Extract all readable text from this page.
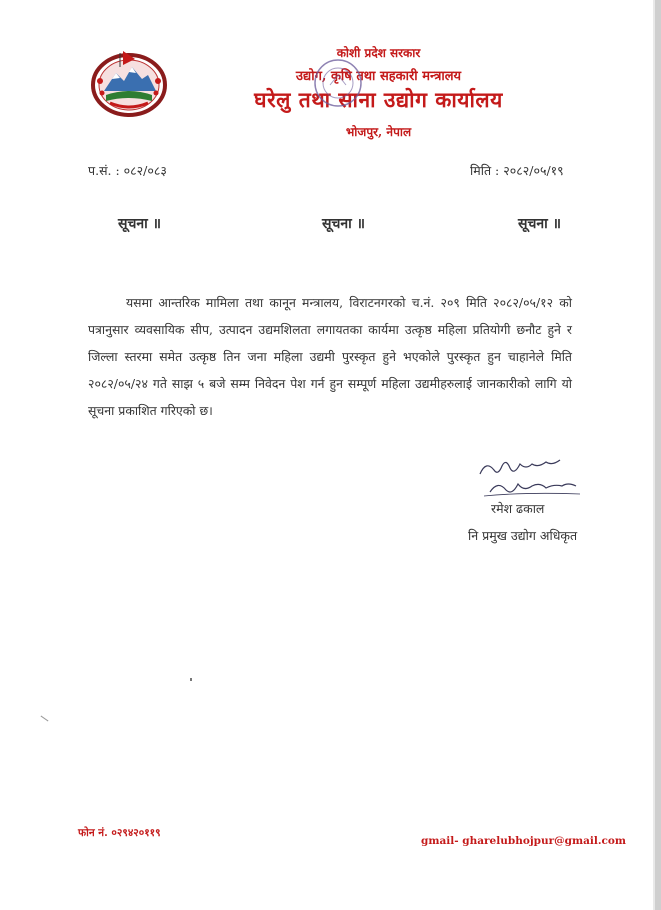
कोशी प्रदेश सरकार
उद्योग, कृषि तथा सहकारी मन्त्रालय
घरेलु तथा साना उद्योग कार्यालय
भोजपुर, नेपाल
प.सं. : ०८२/०८३	मिति : २०८२/०५/१९
सूचना ॥	सूचना ॥	सूचना ॥
यसमा आन्तरिक मामिला तथा कानून मन्त्रालय, विराटनगरको च.नं. २०९ मिति २०८२/०५/१२ को पत्रानुसार व्यवसायिक सीप, उत्पादन उद्यमशिलता लगायतका कार्यमा उत्कृष्ठ महिला प्रतियोगी छनौट हुने र जिल्ला स्तरमा समेत उत्कृष्ठ तिन जना महिला उद्यमी पुरस्कृत हुने भएकोले पुरस्कृत हुन चाहानेले मिति २०८२/०५/२४ गते साझ ५ बजे सम्म निवेदन पेश गर्न हुन सम्पूर्ण महिला उद्यमीहरुलाई जानकारीको लागि यो सूचना प्रकाशित गरिएको छ।
रमेश ढकाल
नि प्रमुख उद्योग अधिकृत
फोन नं. ०२९४२०११९
gmail- gharelubhojpur@gmail.com
